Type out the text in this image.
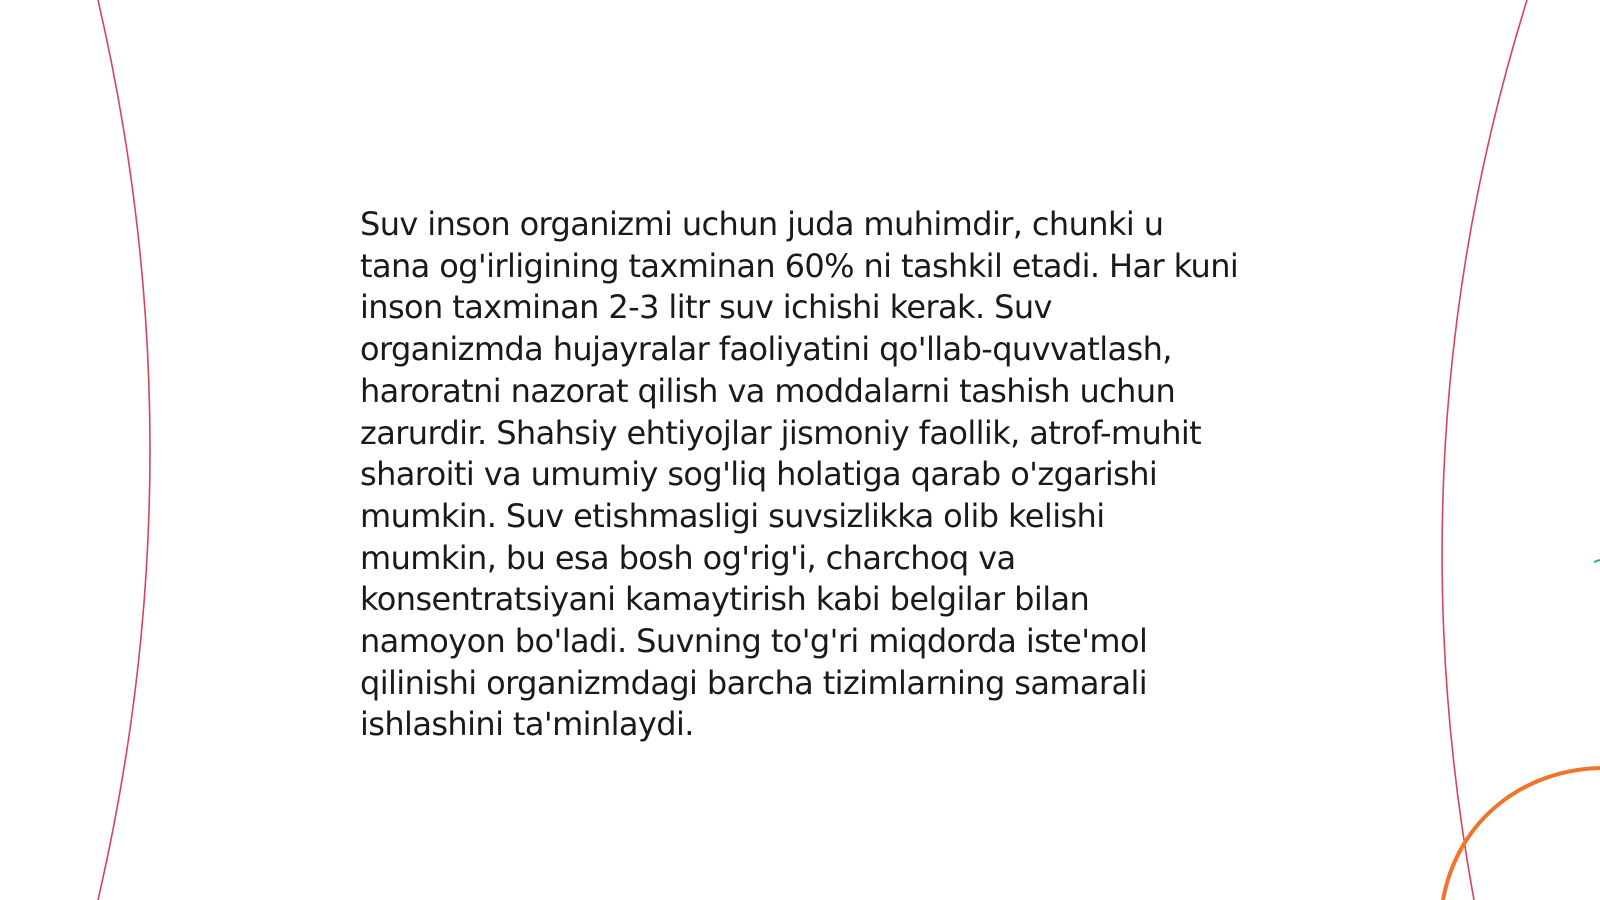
Suv inson organizmi uchun juda muhimdir, chunki u tana og'irligining taxminan 60% ni tashkil etadi. Har kuni inson taxminan 2-3 litr suv ichishi kerak. Suv organizmda hujayralar faoliyatini qo'llab-quvvatlash, haroratni nazorat qilish va moddalarni tashish uchun zarurdir. Shahsiy ehtiyojlar jismoniy faollik, atrof-muhit sharoiti va umumiy sog'liq holatiga qarab o'zgarishi mumkin. Suv etishmasligi suvsizlikka olib kelishi mumkin, bu esa bosh og'rig'i, charchoq va konsentratsiyani kamaytirish kabi belgilar bilan namoyon bo'ladi. Suvning to'g'ri miqdorda iste'mol qilinishi organizmdagi barcha tizimlarning samarali ishlashini ta'minlaydi.
